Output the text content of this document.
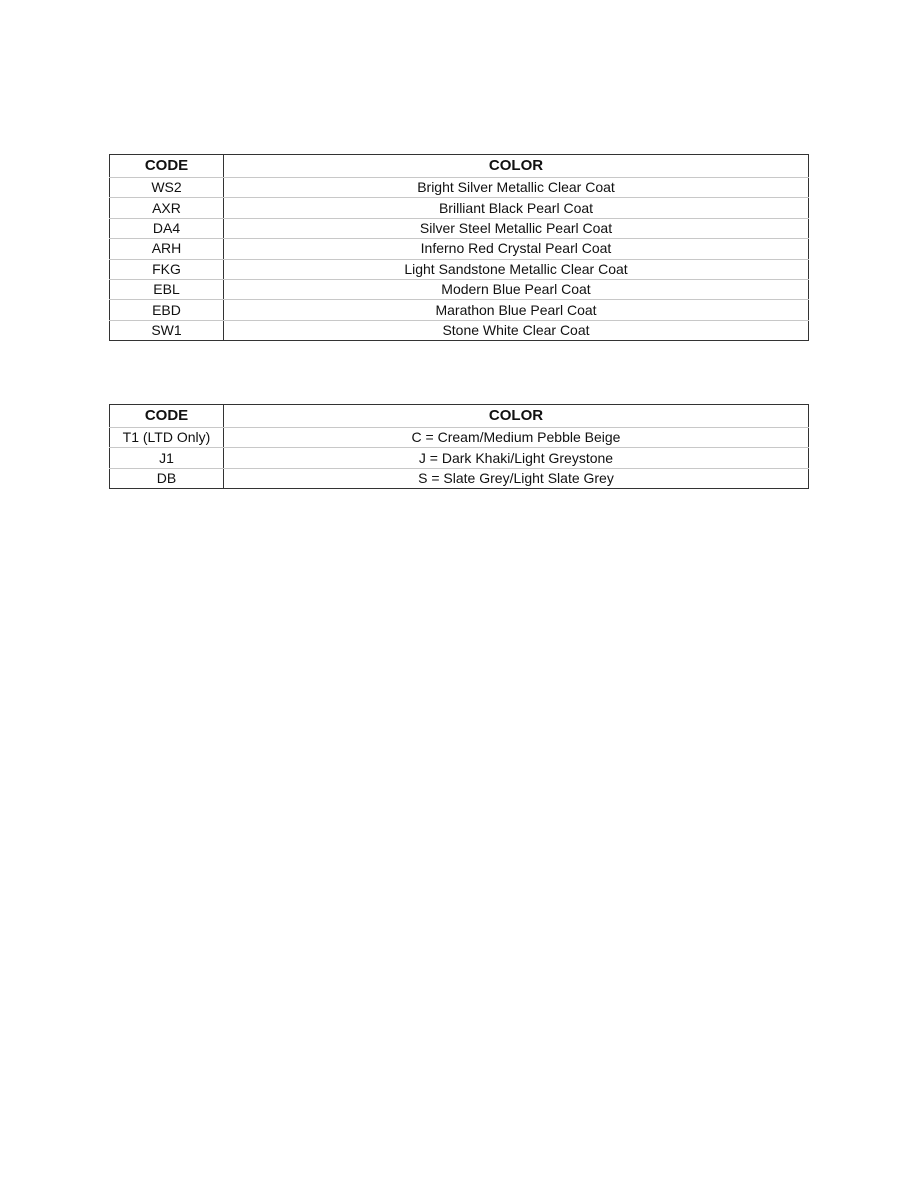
CODE	COLOR
WS2	Bright Silver Metallic Clear Coat
AXR	Brilliant Black Pearl Coat
DA4	Silver Steel Metallic Pearl Coat
ARH	Inferno Red Crystal Pearl Coat
FKG	Light Sandstone Metallic Clear Coat
EBL	Modern Blue Pearl Coat
EBD	Marathon Blue Pearl Coat
SW1	Stone White Clear Coat
CODE	COLOR
T1 (LTD Only)	C = Cream/Medium Pebble Beige
J1	J = Dark Khaki/Light Greystone
DB	S = Slate Grey/Light Slate Grey
